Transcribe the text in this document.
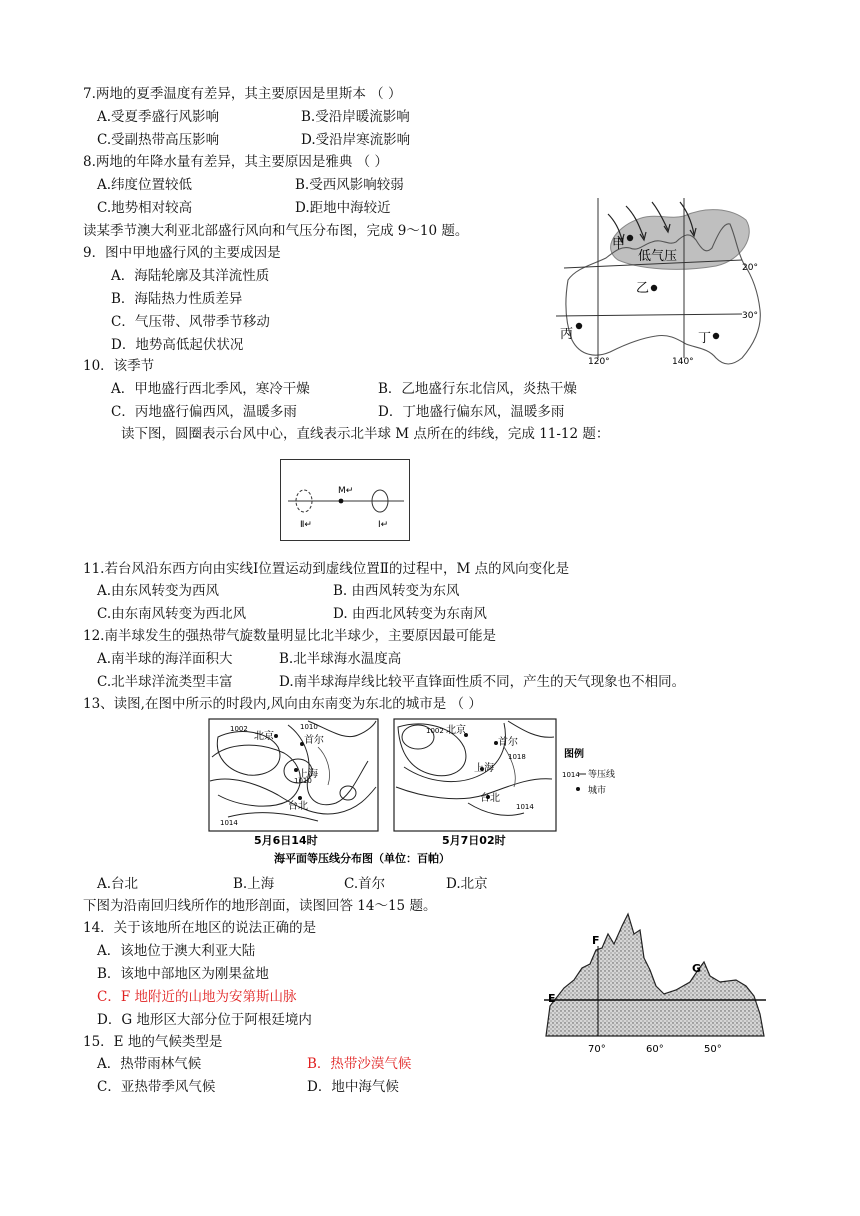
7.两地的夏季温度有差异，其主要原因是里斯本 （ ）
A.受夏季盛行风影响	B.受沿岸暖流影响
C.受副热带高压影响	D.受沿岸寒流影响
8.两地的年降水量有差异，其主要原因是雅典 （ ）
A.纬度位置较低	B.受西风影响较弱
C.地势相对较高	D.距地中海较近
读某季节澳大利亚北部盛行风向和气压分布图，完成 9～10 题。
9．图中甲地盛行风的主要成因是
A．海陆轮廓及其洋流性质
B．海陆热力性质差异
C．气压带、风带季节移动
D．地势高低起伏状况
甲
低气压
乙
丙	丁
20°
30°
120°	140°
10．该季节
A．甲地盛行西北季风，寒冷干燥	B．乙地盛行东北信风，炎热干燥
C．丙地盛行偏西风，温暖多雨	D．丁地盛行偏东风，温暖多雨
读下图，圆圈表示台风中心，直线表示北半球 M 点所在的纬线，完成 11-12 题：
M↵
Ⅱ↵	Ⅰ↵
11.若台风沿东西方向由实线Ⅰ位置运动到虚线位置Ⅱ的过程中，M 点的风向变化是
A.由东风转变为西风	B. 由西风转变为东风
C.由东南风转变为西北风	D. 由西北风转变为东南风
12.南半球发生的强热带气旋数量明显比北半球少，主要原因最可能是
A.南半球的海洋面积大	B.北半球海水温度高
C.北半球洋流类型丰富	D.南半球海岸线比较平直锋面性质不同，产生的天气现象也不相同。
13、读图,在图中所示的时段内,风向由东南变为东北的城市是 （ ）
北京	首尔
上海
台北
1002	1010
1014
1010
北京
首尔
上海
台北
1002
1018
1014
图例
1014 等压线
城市
5月6日14时	5月7日02时
海平面等压线分布图（单位：百帕）
A.台北	B.上海	C.首尔	D.北京
下图为沿南回归线所作的地形剖面，读图回答 14～15 题。
14．关于该地所在地区的说法正确的是
A．该地位于澳大利亚大陆
B．该地中部地区为刚果盆地
C．F 地附近的山地为安第斯山脉
D．G 地形区大部分位于阿根廷境内
15．E 地的气候类型是
A．热带雨林气候	B．热带沙漠气候
C．亚热带季风气候	D．地中海气候
E
F
G
70°	60°	50°
